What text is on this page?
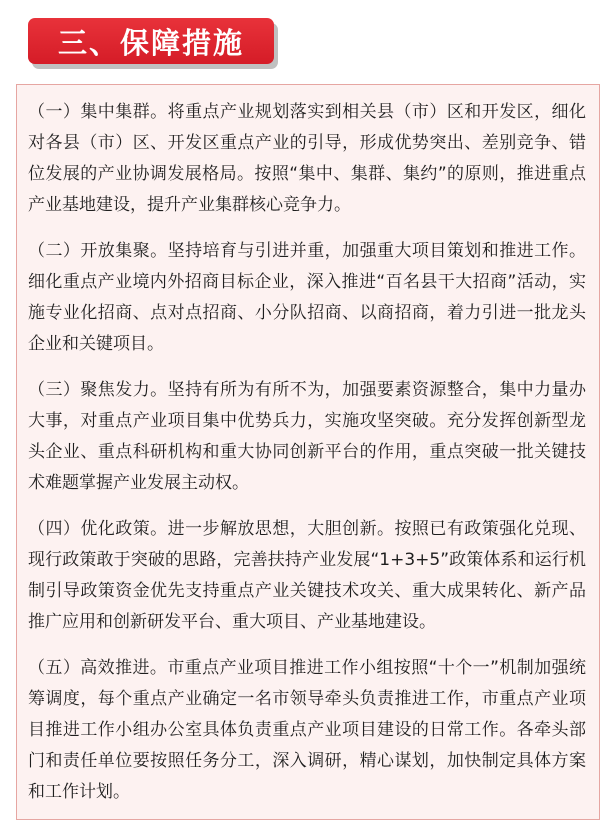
三、保障措施

（一）集中集群。将重点产业规划落实到相关县（市）区和开发区，细化对各县（市）区、开发区重点产业的引导，形成优势突出、差别竞争、错位发展的产业协调发展格局。按照“集中、集群、集约”的原则，推进重点产业基地建设，提升产业集群核心竞争力。

（二）开放集聚。坚持培育与引进并重，加强重大项目策划和推进工作。细化重点产业境内外招商目标企业，深入推进“百名县干大招商”活动，实施专业化招商、点对点招商、小分队招商、以商招商，着力引进一批龙头企业和关键项目。

（三）聚焦发力。坚持有所为有所不为，加强要素资源整合，集中力量办大事，对重点产业项目集中优势兵力，实施攻坚突破。充分发挥创新型龙头企业、重点科研机构和重大协同创新平台的作用，重点突破一批关键技术难题掌握产业发展主动权。

（四）优化政策。进一步解放思想，大胆创新。按照已有政策强化兑现、现行政策敢于突破的思路，完善扶持产业发展“1+3+5”政策体系和运行机制引导政策资金优先支持重点产业关键技术攻关、重大成果转化、新产品推广应用和创新研发平台、重大项目、产业基地建设。

（五）高效推进。市重点产业项目推进工作小组按照“十个一”机制加强统筹调度，每个重点产业确定一名市领导牵头负责推进工作，市重点产业项目推进工作小组办公室具体负责重点产业项目建设的日常工作。各牵头部门和责任单位要按照任务分工，深入调研，精心谋划，加快制定具体方案和工作计划。
